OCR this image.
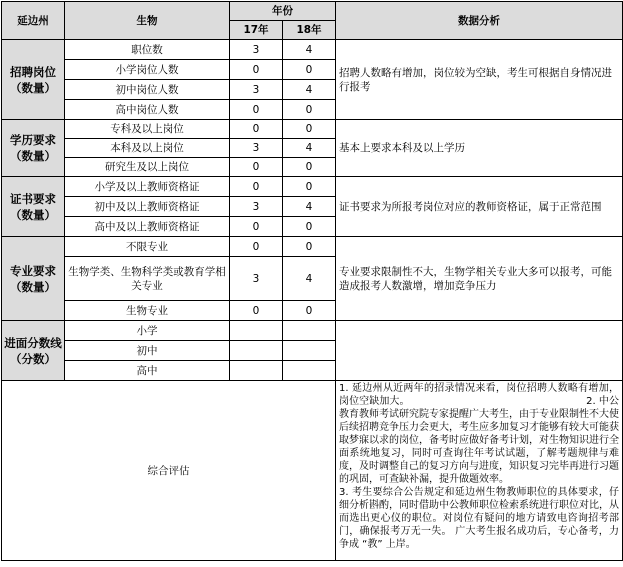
延边州	生物	年份		数据分析
		17年	18年	
招聘岗位（数量）	职位数	3	4	招聘人数略有增加，岗位较为空缺，考生可根据自身情况进行报考
	小学岗位人数	0	0	
	初中岗位人数	3	4	
	高中岗位人数	0	0	
学历要求（数量）	专科及以上岗位	0	0	基本上要求本科及以上学历
	本科及以上岗位	3	4	
	研究生及以上岗位	0	0	
证书要求（数量）	小学及以上教师资格证	0	0	证书要求为所报考岗位对应的教师资格证，属于正常范围
	初中及以上教师资格证	3	4	
	高中及以上教师资格证	0	0	
专业要求（数量）	不限专业	0	0	专业要求限制性不大，生物学相关专业大多可以报考，可能造成报考人数激增，增加竞争压力
	生物学类、生物科学类或教育学相关专业	3	4	
	生物专业	0	0	
进面分数线（分数）	小学			
	初中			
	高中			
综合评估				1. 延边州从近两年的招录情况来看，岗位招聘人数略有增加，岗位空缺加大。　　　　　　　　　　　　　　　　　　2. 中公教育教师考试研究院专家提醒广大考生，由于专业限制性不大使后续招聘竞争压力会更大，考生应多加复习才能够有较大可能获取梦寐以求的岗位，备考时应做好备考计划，对生物知识进行全面系统地复习，同时可查询往年考试试题，了解考题规律与难度，及时调整自己的复习方向与进度，知识复习完毕再进行习题的巩固，可查缺补漏，提升做题效率。

3. 考生要综合公告规定和延边州生物教师职位的具体要求，仔细分析斟酌，同时借助中公教师职位检索系统进行职位对比，从而选出更心仪的职位。对岗位有疑问的地方请致电咨询招考部门，确保报考万无一失。 广大考生报名成功后，专心备考，力争成 “教” 上岸。
